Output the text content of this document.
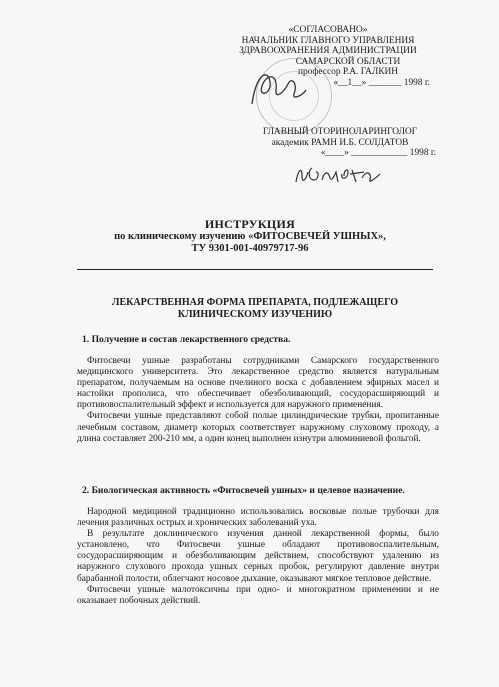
«СОГЛАСОВАНО»
НАЧАЛЬНИК ГЛАВНОГО УПРАВЛЕНИЯ
ЗДРАВООХРАНЕНИЯ АДМИНИСТРАЦИИ
САМАРСКОЙ ОБЛАСТИ
профессор Р.А. ГАЛКИН
«__1__» _______ 1998 г.
ГЛАВНЫЙ ОТОРИНОЛАРИНГОЛОГ
академик РАМН И.Б. СОЛДАТОВ
«____» ____________ 1998 г.
ИНСТРУКЦИЯ
по клиническому изучению «ФИТОСВЕЧЕЙ УШНЫХ»,
ТУ 9301-001-40979717-96
ЛЕКАРСТВЕННАЯ ФОРМА ПРЕПАРАТА, ПОДЛЕЖАЩЕГО
КЛИНИЧЕСКОМУ ИЗУЧЕНИЮ
1. Получение и состав лекарственного средства.

Фитосвечи ушные разработаны сотрудниками Самарского государственного медицинского университета. Это лекарственное средство является натуральным препаратом, получаемым на основе пчелиного воска с добавлением эфирных масел и настойки прополиса, что обеспечивает обезболивающий, сосудорасширяющий и противовоспалительный эффект и используется для наружного применения.

Фитосвечи ушные представляют собой полые цилиндрические трубки, пропитанные лечебным составом, диаметр которых соответствует наружному слуховому проходу, а длина составляет 200-210 мм, а один конец выполнен изнутри алюминиевой фольгой.

2. Биологическая активность «Фитосвечей ушных» и целевое назначение.

Народной медициной традиционно использовались восковые полые трубочки для лечения различных острых и хронических заболеваний уха.

В результате доклинического изучения данной лекарственной формы, было установлено, что Фитосвечи ушные обладают противовоспалительным, сосудорасширяющим и обезболивающим действием, способствуют удалению из наружного слухового прохода ушных серных пробок, регулируют давление внутри барабанной полости, облегчают носовое дыхание, оказывают мягкое тепловое действие.

Фитосвечи ушные малотоксичны при одно- и многократном применении и не оказывает побочных действий.
